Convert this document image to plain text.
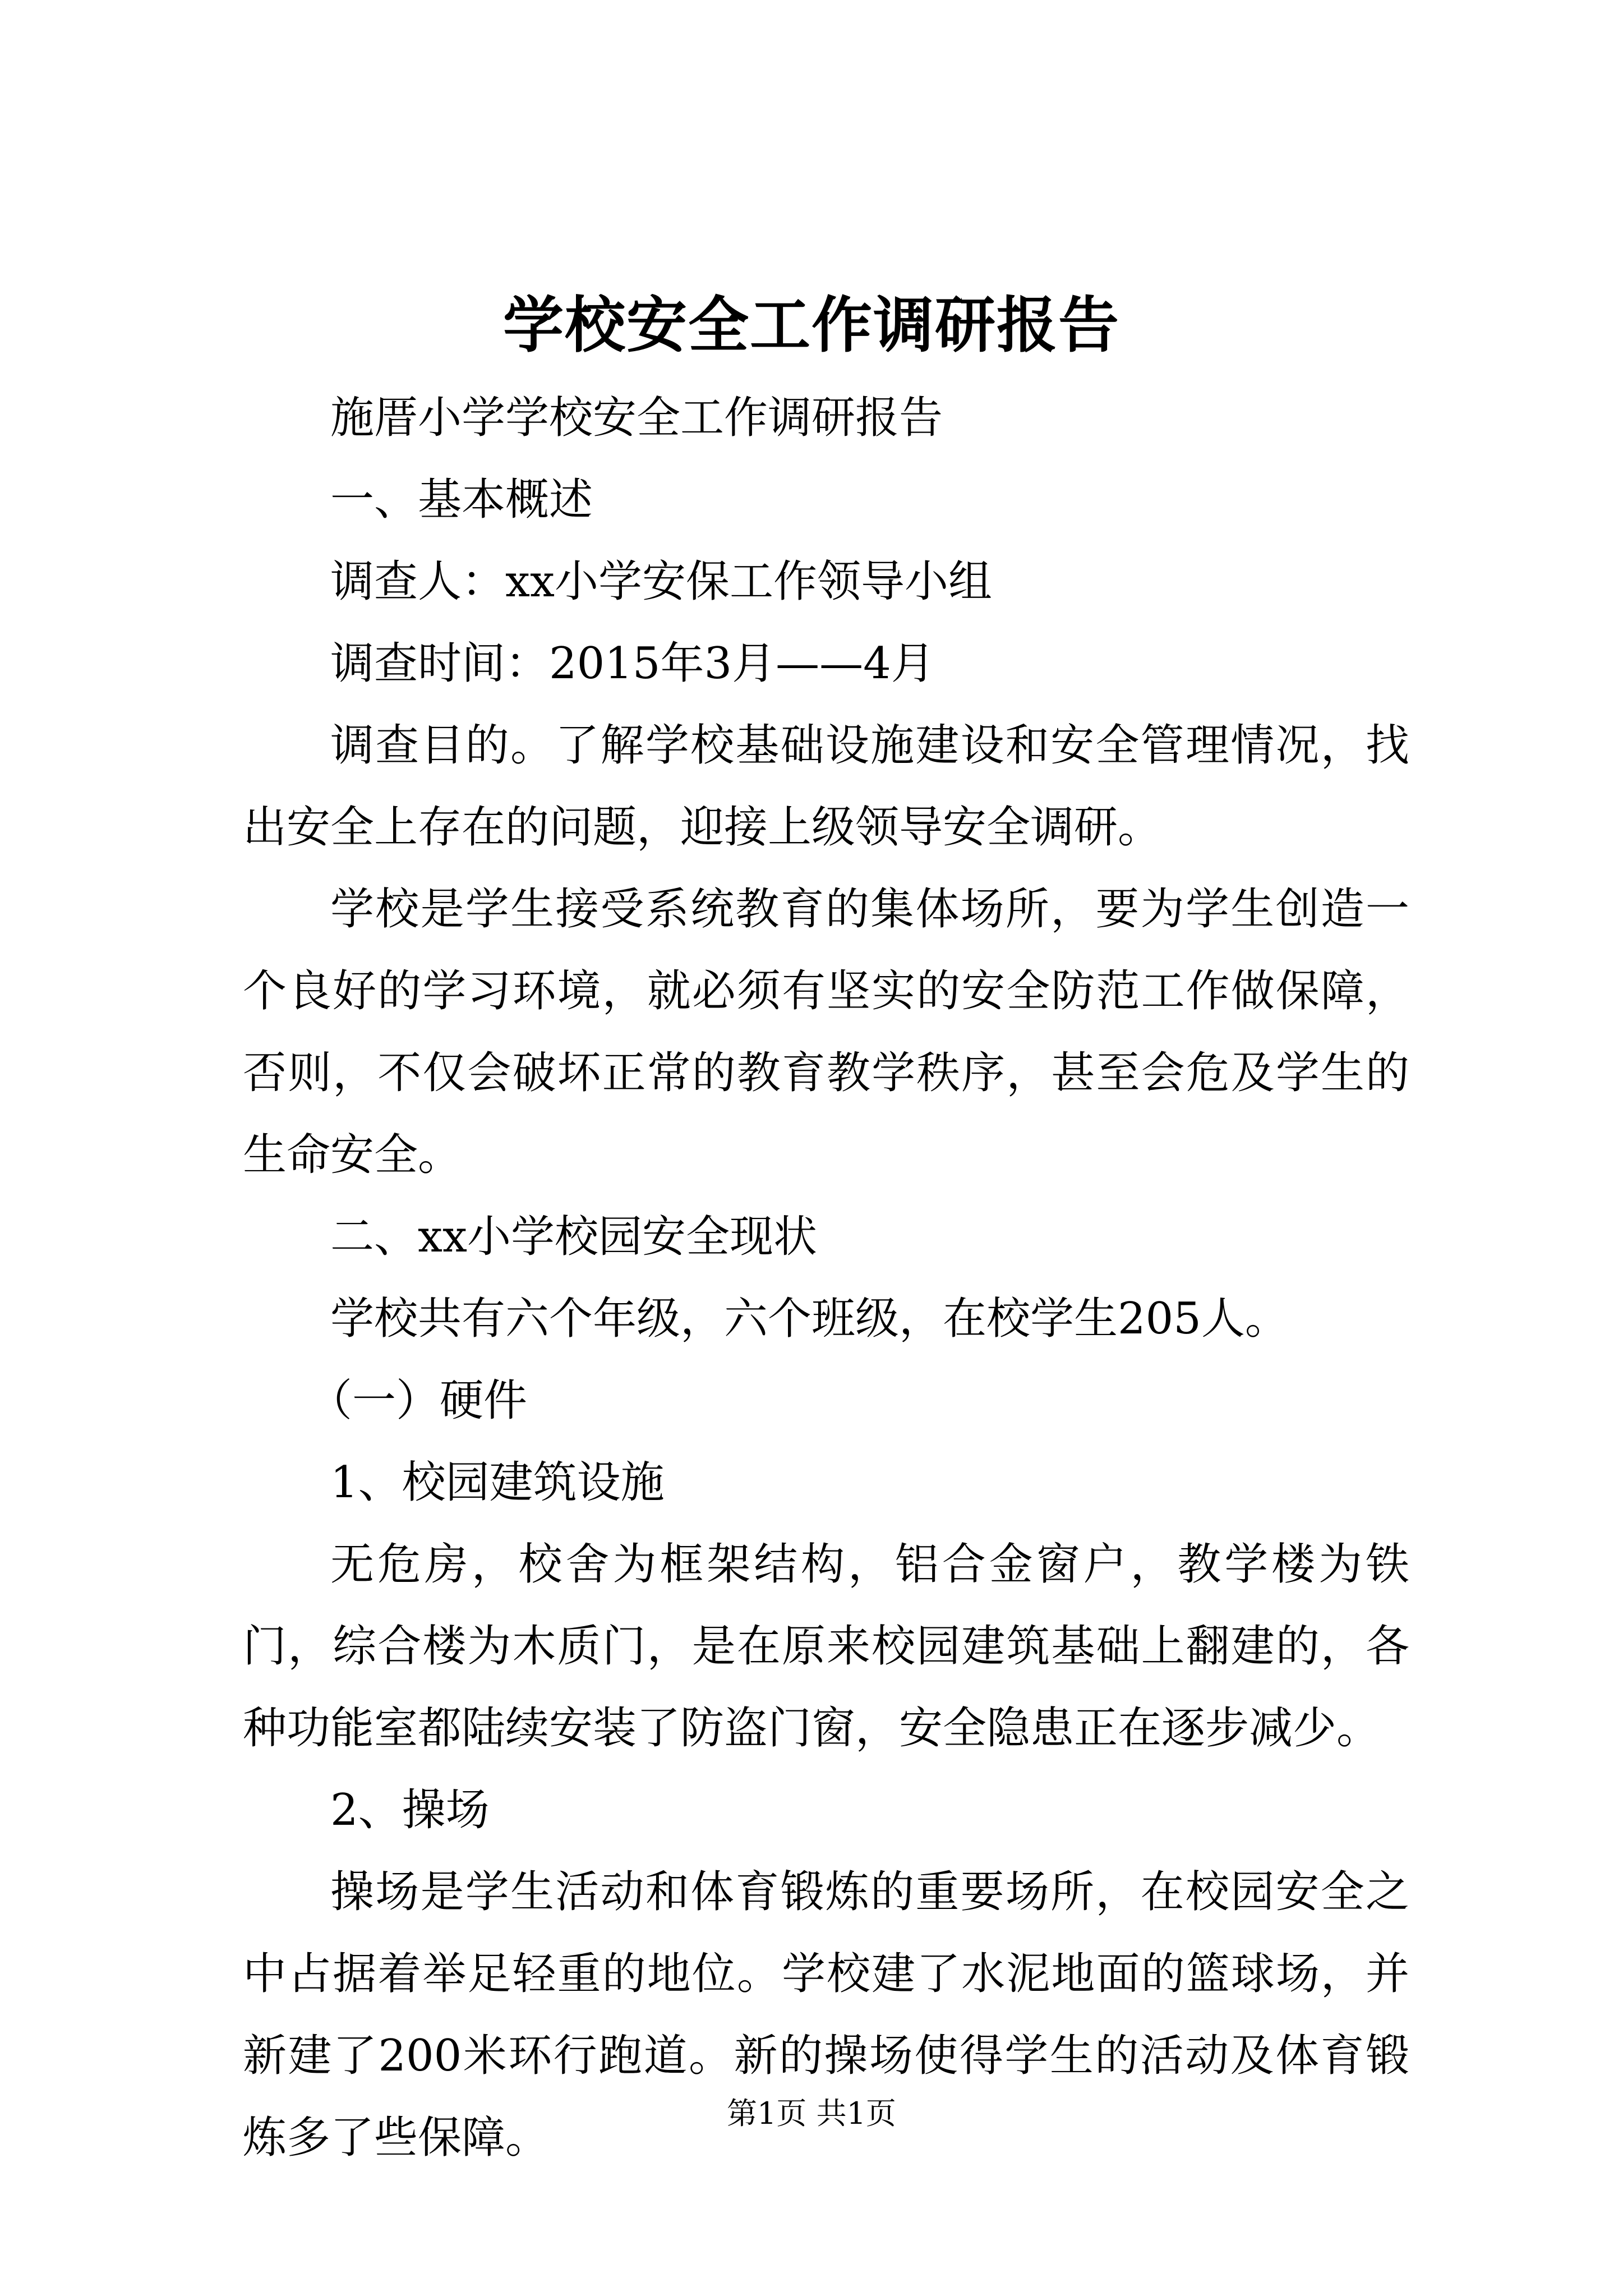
学校安全工作调研报告

施厝小学学校安全工作调研报告

一、基本概述

调查人：xx小学安保工作领导小组

调查时间：2015年3月——4月

调查目的。了解学校基础设施建设和安全管理情况，找出安全上存在的问题，迎接上级领导安全调研。

学校是学生接受系统教育的集体场所，要为学生创造一个良好的学习环境，就必须有坚实的安全防范工作做保障，否则，不仅会破坏正常的教育教学秩序，甚至会危及学生的生命安全。

二、xx小学校园安全现状

学校共有六个年级，六个班级，在校学生205人。

（一）硬件

1、校园建筑设施

无危房，校舍为框架结构，铝合金窗户，教学楼为铁门，综合楼为木质门，是在原来校园建筑基础上翻建的，各种功能室都陆续安装了防盗门窗，安全隐患正在逐步减少。

2、操场

操场是学生活动和体育锻炼的重要场所，在校园安全之中占据着举足轻重的地位。学校建了水泥地面的篮球场，并新建了200米环行跑道。新的操场使得学生的活动及体育锻炼多了些保障。	第1页 共1页
